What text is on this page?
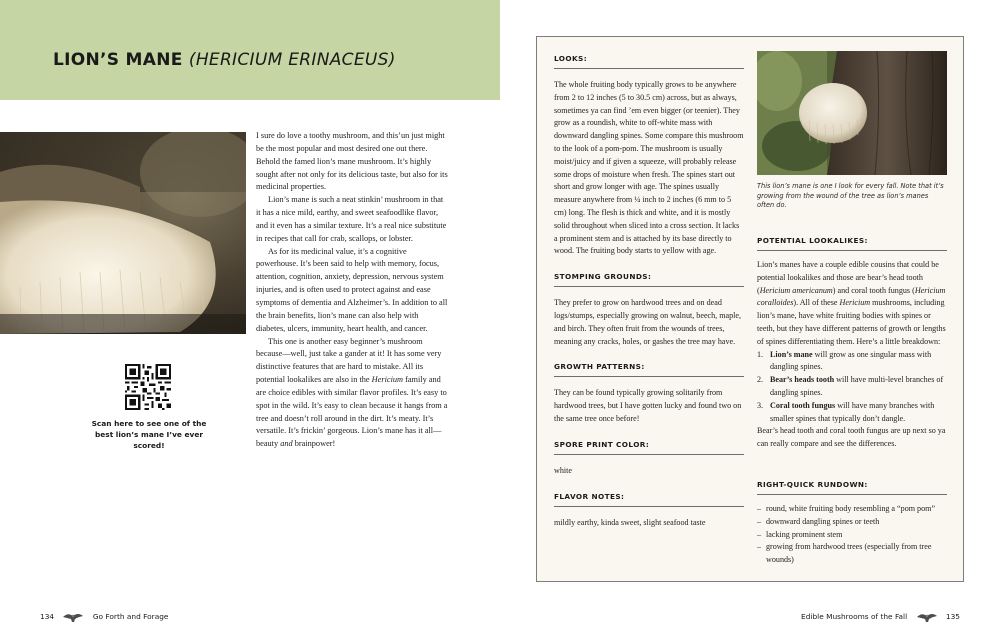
LION’S MANE (HERICIUM ERINACEUS)
Scan here to see one of the best lion’s mane I’ve ever scored!

I sure do love a toothy mushroom, and this’un just might be the most popular and most desired one out there. Behold the famed lion’s mane mushroom. It’s highly sought after not only for its delicious taste, but also for its medicinal properties.

Lion’s mane is such a neat stinkin’ mushroom in that it has a nice mild, earthy, and sweet seafoodlike flavor, and it even has a similar texture. It’s a real nice substitute in recipes that call for crab, scallops, or lobster.

As for its medicinal value, it’s a cognitive powerhouse. It’s been said to help with memory, focus, attention, cognition, anxiety, depression, nervous system injuries, and is often used to protect against and ease symptoms of dementia and Alzheimer’s. In addition to all the brain benefits, lion’s mane can also help with diabetes, ulcers, immunity, heart health, and cancer.

This one is another easy beginner’s mushroom because—well, just take a gander at it! It has some very distinctive features that are hard to mistake. All its potential lookalikes are also in the Hericium family and are choice edibles with similar flavor profiles. It’s easy to spot in the wild. It’s easy to clean because it hangs from a tree and doesn’t roll around in the dirt. It’s meaty. It’s versatile. It’s frickin’ gorgeous. Lion’s mane has it all—beauty and brainpower!

134	Go Forth and Forage
LOOKS:
The whole fruiting body typically grows to be anywhere from 2 to 12 inches (5 to 30.5 cm) across, but as always, sometimes ya can find ’em even bigger (or teenier). They grow as a roundish, white to off-white mass with downward dangling spines. Some compare this mushroom to the look of a pom-pom. The mushroom is usually moist/juicy and if given a squeeze, will probably release some drops of moisture when fresh. The spines start out short and grow longer with age. The spines usually measure anywhere from ¼ inch to 2 inches (6 mm to 5 cm) long. The flesh is thick and white, and it is mostly solid throughout when sliced into a cross section. It lacks a prominent stem and is attached by its base directly to wood. The fruiting body starts to yellow with age.
STOMPING GROUNDS:
They prefer to grow on hardwood trees and on dead logs/stumps, especially growing on walnut, beech, maple, and birch. They often fruit from the wounds of trees, meaning any cracks, holes, or gashes the tree may have.
GROWTH PATTERNS:
They can be found typically growing solitarily from hardwood trees, but I have gotten lucky and found two on the same tree once before!
SPORE PRINT COLOR:
white
FLAVOR NOTES:
mildly earthy, kinda sweet, slight seafood taste
This lion’s mane is one I look for every fall. Note that it’s growing from the wound of the tree as lion’s manes often do.
POTENTIAL LOOKALIKES:
Lion’s manes have a couple edible cousins that could be potential lookalikes and those are bear’s head tooth (Hericium americanum) and coral tooth fungus (Hericium coralloides). All of these Hericium mushrooms, including lion’s mane, have white fruiting bodies with spines or teeth, but they have different patterns of growth or lengths of spines differentiating them. Here’s a little breakdown:
1. Lion’s mane will grow as one singular mass with dangling spines.
2. Bear’s heads tooth will have multi-level branches of dangling spines.
3. Coral tooth fungus will have many branches with smaller spines that typically don’t dangle.
Bear’s head tooth and coral tooth fungus are up next so ya can really compare and see the differences.
RIGHT-QUICK RUNDOWN:
– round, white fruiting body resembling a “pom pom”
– downward dangling spines or teeth
– lacking prominent stem
– growing from hardwood trees (especially from tree wounds)
Edible Mushrooms of the Fall	135
